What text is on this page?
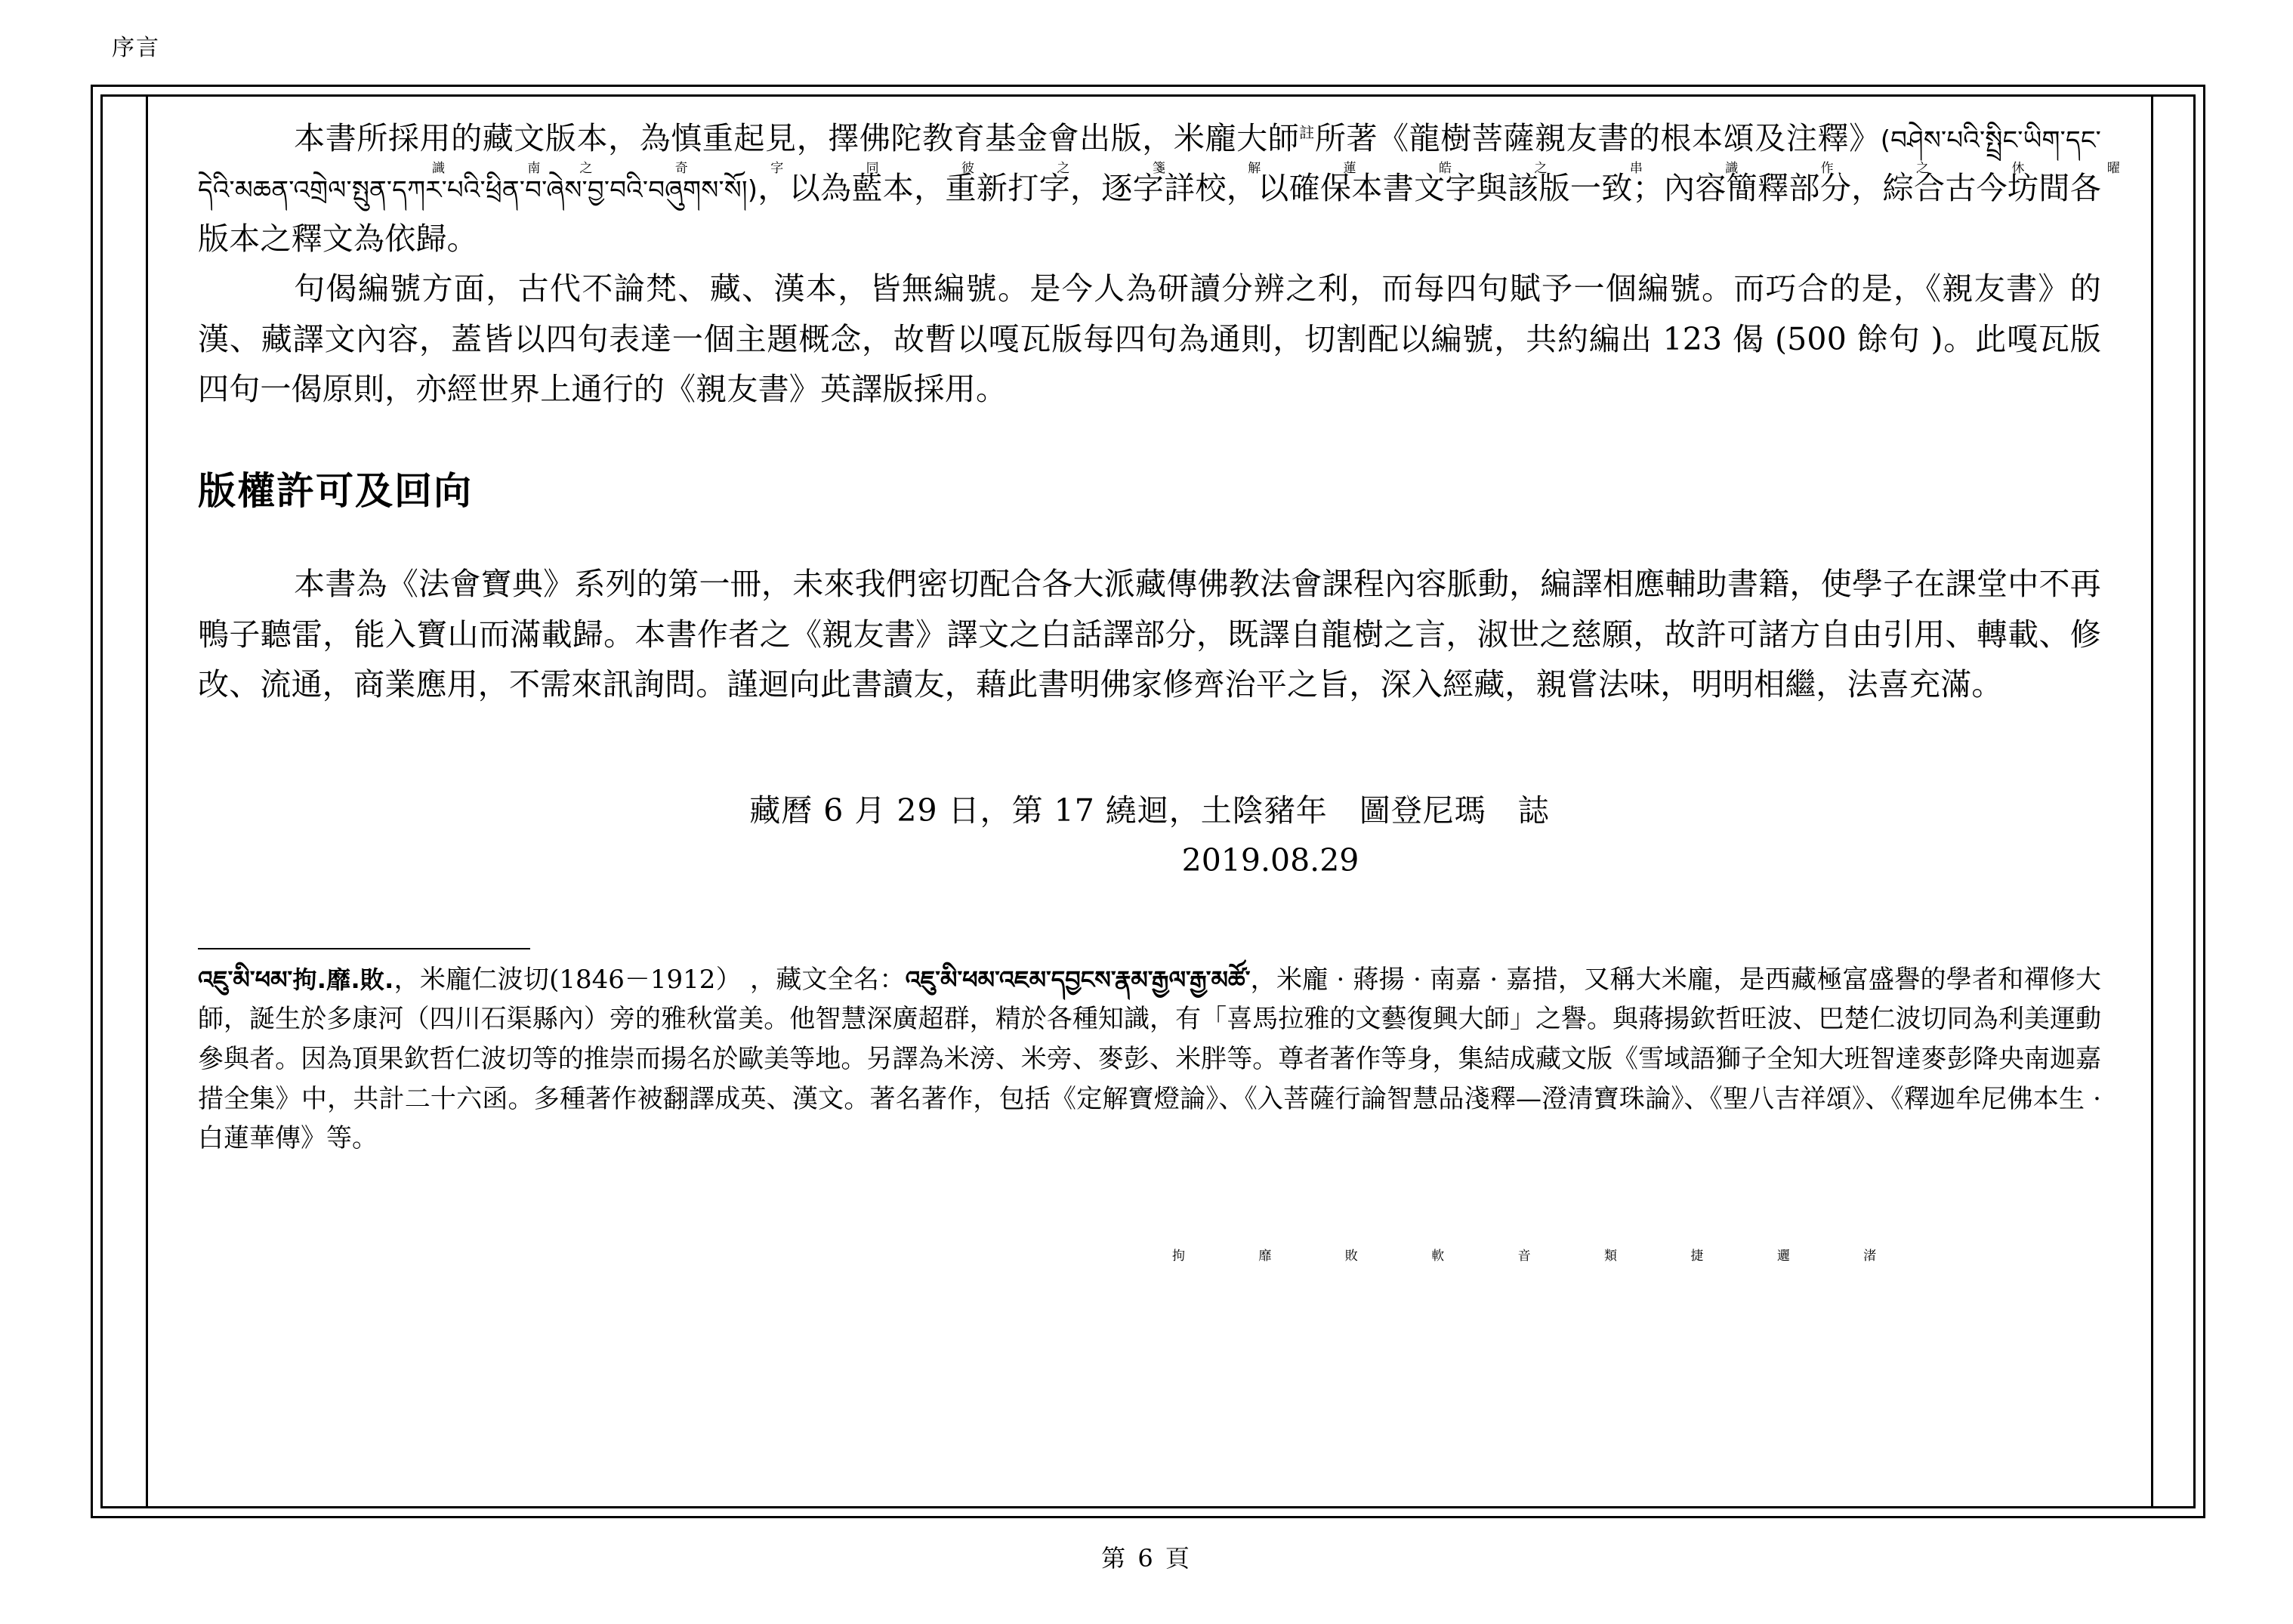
序言

本書所採用的藏文版本，為慎重起見，擇佛陀教育基金會出版，米龐大師$^註$所著《龍樹菩薩親友書的根本頌及注釋》(བཤེས་པའི་སྤྲིང་ཡིག་དང་དེའི་མཆན་འགྲེལ་སྤུན་དཀར་པའི་ཕྲིན་བ་ཞེས་བྱ་བའི་བཞུགས་སོ།)，以為藍本，重新打字，逐字詳校，以確保本書文字與該版一致；內容簡釋部分，綜合古今坊間各版本之釋文為依歸。

識 南之 奇 字 同 彼 之 箋 解 蓮 皓 之 串 識 作 之 休 曜

句偈編號方面，古代不論梵、藏、漢本，皆無編號。是今人為研讀分辨之利，而每四句賦予一個編號。而巧合的是，《親友書》的漢、藏譯文內容，蓋皆以四句表達一個主題概念，故暫以嘎瓦版每四句為通則，切割配以編號，共約編出 123 偈 (500 餘句 )。此嘎瓦版四句一偈原則，亦經世界上通行的《親友書》英譯版採用。

版權許可及回向

本書為《法會寶典》系列的第一冊，未來我們密切配合各大派藏傳佛教法會課程內容脈動，編譯相應輔助書籍，使學子在課堂中不再鴨子聽雷，能入寶山而滿載歸。本書作者之《親友書》譯文之白話譯部分，既譯自龍樹之言，淑世之慈願，故許可諸方自由引用、轉載、修改、流通，商業應用，不需來訊詢問。謹迴向此書讀友，藉此書明佛家修齊治平之旨，深入經藏，親嘗法味，明明相繼，法喜充滿。

藏曆 6 月 29 日，第 17 繞迴，土陰豬年　圖登尼瑪　誌
2019.08.29

འཇུ་མི་ཕམ་拘.靡.敗.，米龐仁波切(1846－1912） ，藏文全名：འཇུ་མི་ཕམ་འཇམ་དབྱངས་རྣམ་རྒྱལ་རྒྱ་མཚོ་，米龐 · 蔣揚 · 南嘉 · 嘉措，又稱大米龐，是西藏極富盛譽的學者和禪修大師，誕生於多康河（四川石渠縣內）旁的雅秋當美。他智慧深廣超群，精於各種知識，有「喜馬拉雅的文藝復興大師」之譽。與蔣揚欽哲旺波、巴楚仁波切同為利美運動參與者。因為頂果欽哲仁波切等的推崇而揚名於歐美等地。另譯為米滂、米旁、麥彭、米胖等。尊者著作等身，集結成藏文版《雪域語獅子全知大班智達麥彭降央南迦嘉措全集》中，共計二十六函。多種著作被翻譯成英、漢文。著名著作，包括《定解寶燈論》、《入菩薩行論智慧品淺釋—澄清寶珠論》、《聖八吉祥頌》、《釋迦牟尼佛本生 · 白蓮華傳》等。

拘 靡 敗 軟 音 類 捷 邐 渚
第 6 頁
